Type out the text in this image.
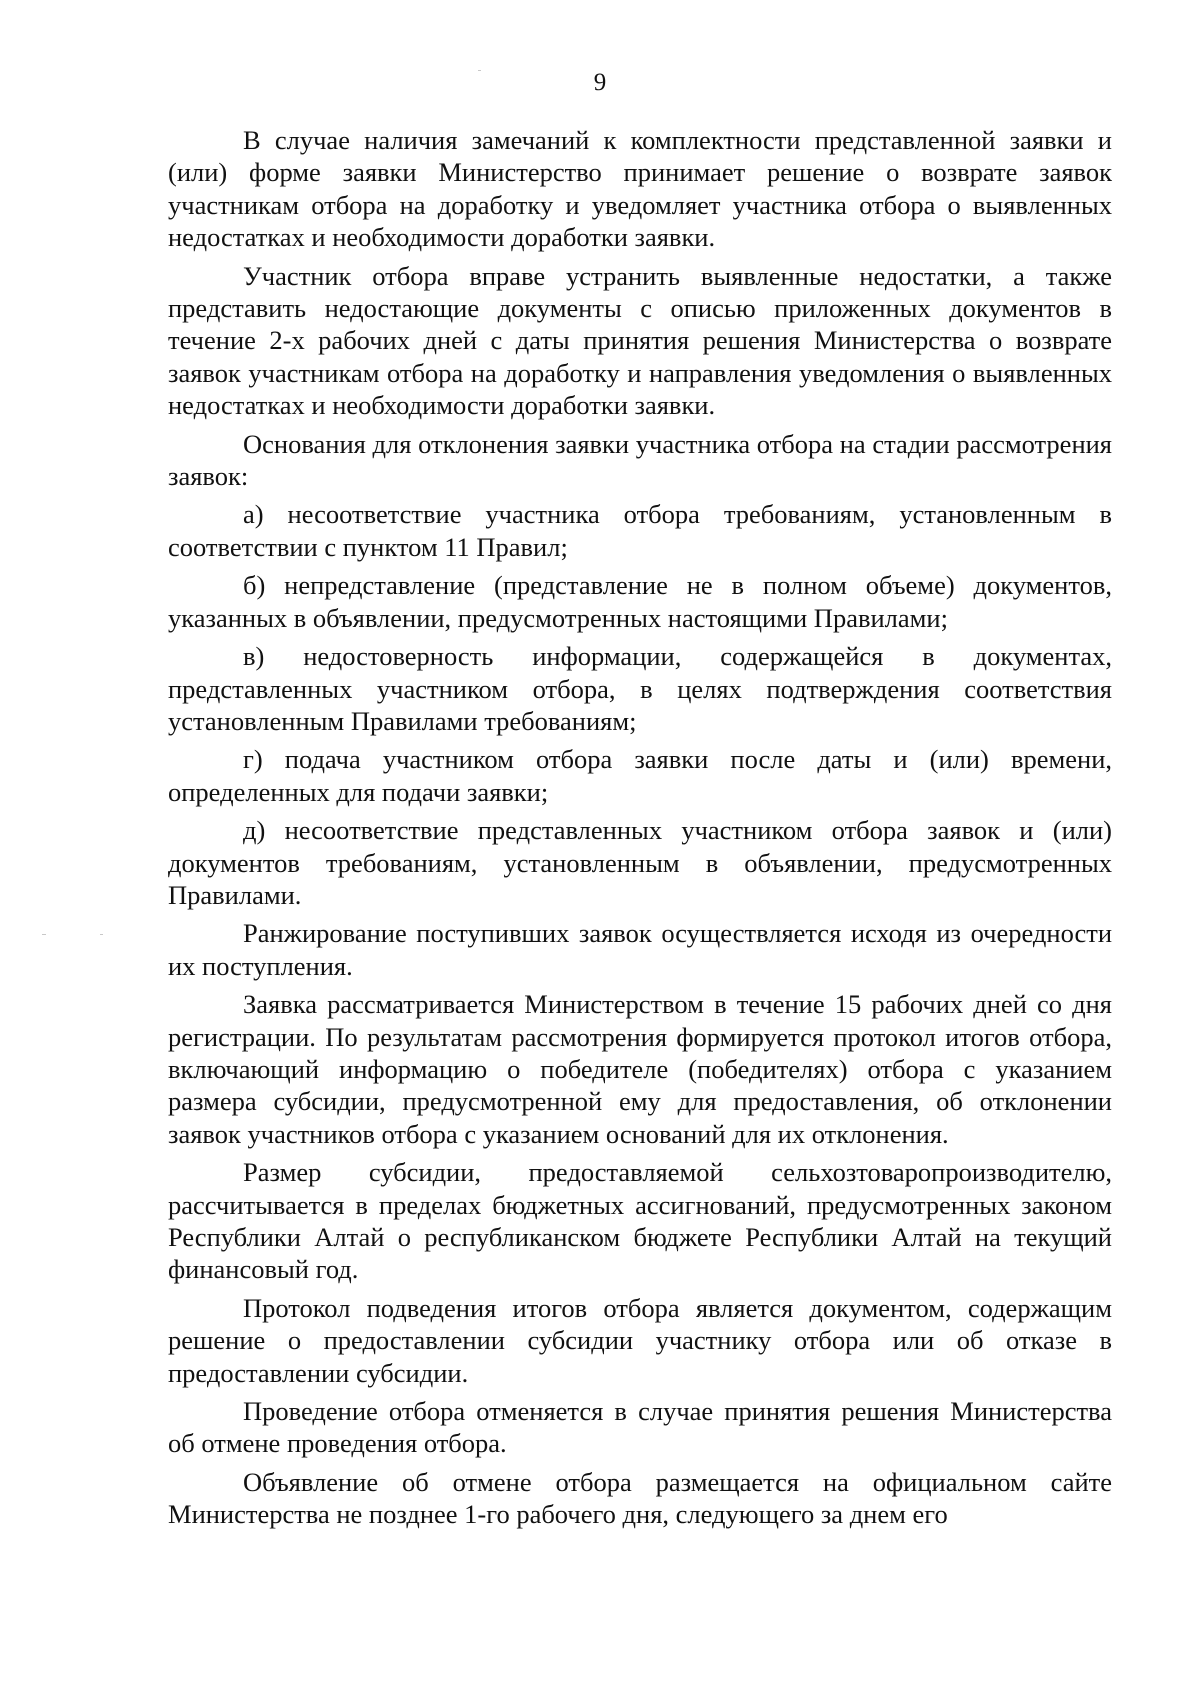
9

В случае наличия замечаний к комплектности представленной заявки и (или) форме заявки Министерство принимает решение о возврате заявок участникам отбора на доработку и уведомляет участника отбора о выявленных недостатках и необходимости доработки заявки.

Участник отбора вправе устранить выявленные недостатки, а также представить недостающие документы с описью приложенных документов в течение 2-х рабочих дней с даты принятия решения Министерства о возврате заявок участникам отбора на доработку и направления уведомления о выявленных недостатках и необходимости доработки заявки.

Основания для отклонения заявки участника отбора на стадии рассмотрения заявок:

а) несоответствие участника отбора требованиям, установленным в соответствии с пунктом 11 Правил;

б) непредставление (представление не в полном объеме) документов, указанных в объявлении, предусмотренных настоящими Правилами;

в) недостоверность информации, содержащейся в документах, представленных участником отбора, в целях подтверждения соответствия установленным Правилами требованиям;

г) подача участником отбора заявки после даты и (или) времени, определенных для подачи заявки;

д) несоответствие представленных участником отбора заявок и (или) документов требованиям, установленным в объявлении, предусмотренных Правилами.

Ранжирование поступивших заявок осуществляется исходя из очередности их поступления.

Заявка рассматривается Министерством в течение 15 рабочих дней со дня регистрации. По результатам рассмотрения формируется протокол итогов отбора, включающий информацию о победителе (победителях) отбора с указанием размера субсидии, предусмотренной ему для предоставления, об отклонении заявок участников отбора с указанием оснований для их отклонения.

Размер субсидии, предоставляемой сельхозтоваропроизводителю, рассчитывается в пределах бюджетных ассигнований, предусмотренных законом Республики Алтай о республиканском бюджете Республики Алтай на текущий финансовый год.

Протокол подведения итогов отбора является документом, содержащим решение о предоставлении субсидии участнику отбора или об отказе в предоставлении субсидии.

Проведение отбора отменяется в случае принятия решения Министерства об отмене проведения отбора.

Объявление об отмене отбора размещается на официальном сайте Министерства не позднее 1-го рабочего дня, следующего за днем его
